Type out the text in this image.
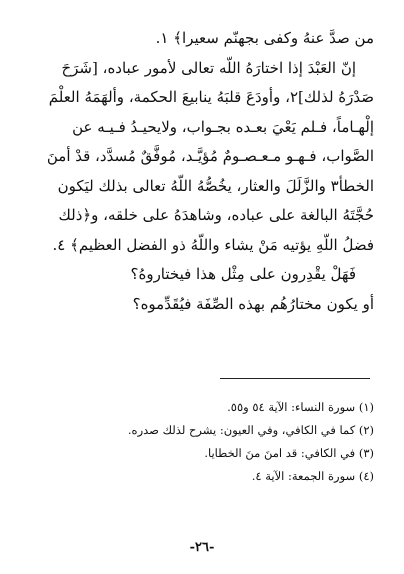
من صدَّ عنهُ وكفى بجهنّم سعيرا﴾ ١.
إنّ العَبْدَ إذا اختارَهُ اللّه تعالى لأمور عباده، [شَرَحَ
صَدْرَهُ لذلك]٢، وأودَعَ قلبَهُ ينابيعَ الحكمة، وألهَمَهُ العلْمَ
إلْهـاماً، فـلم يَعْيَ بعـده بجـواب، ولايحيـدُ فـيـه عن
الصَّواب، فـهـو مـعـصـومٌ مُؤيَّـد، مُوفَّقٌ مُسدَّد، قدْ أمنَ
الخطأ٣ والزَّلَلَ والعثار، يخُصُّهُ اللّهُ تعالى بذلك ليَكون
حُجَّتَهُ البالغة على عباده، وشاهدَهُ على خلقه، و﴿ذلك
فضلُ اللّهِ يؤتيه مَنْ يشاء واللّهُ ذو الفضل العظيم﴾ ٤.
فَهَلْ يقْدِرون على مِثْل هذا فيختارو‌هُ؟
أو يكون مختارُهُم بهذه الصِّفَة فيُقَدِّموه؟
(١) سورة النساء: الآية ٥٤ و٥٥.
(٢) كما في الكافي، وفي العيون: يشرح لذلك صدره.
(٣) في الكافي: قد امنَ منَ الخطايا.
(٤) سورة الجمعة: الآية ٤.
-٢٦-
